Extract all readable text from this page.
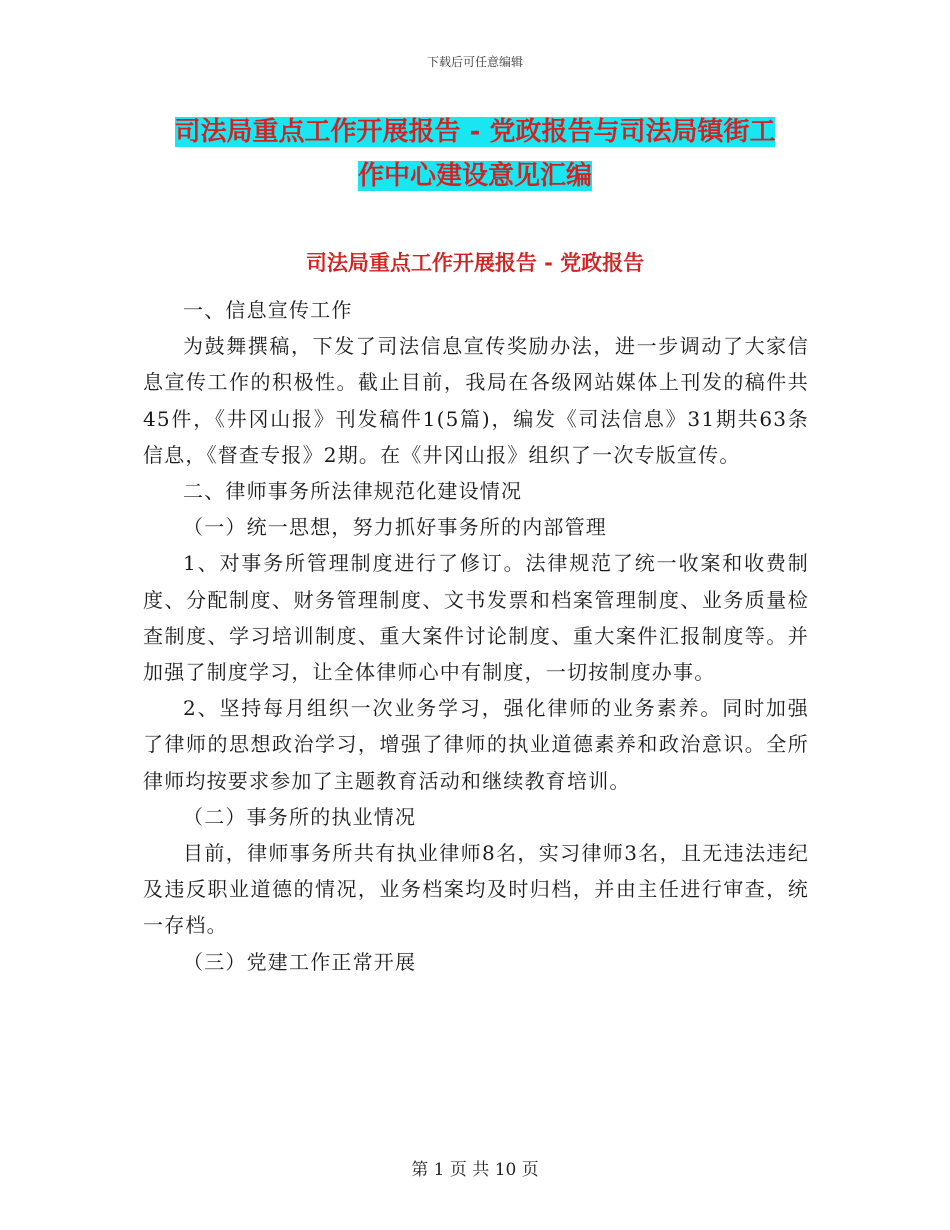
下载后可任意编辑
司法局重点工作开展报告 - 党政报告与司法局镇街工
作中心建设意见汇编
司法局重点工作开展报告 - 党政报告

一、信息宣传工作

为鼓舞撰稿，下发了司法信息宣传奖励办法，进一步调动了大家信息宣传工作的积极性。截止目前，我局在各级网站媒体上刊发的稿件共45件，《井冈山报》刊发稿件1(5篇)，编发《司法信息》31期共63条信息，《督查专报》2期。在《井冈山报》组织了一次专版宣传。

二、律师事务所法律规范化建设情况

（一）统一思想，努力抓好事务所的内部管理

1、对事务所管理制度进行了修订。法律规范了统一收案和收费制度、分配制度、财务管理制度、文书发票和档案管理制度、业务质量检查制度、学习培训制度、重大案件讨论制度、重大案件汇报制度等。并加强了制度学习，让全体律师心中有制度，一切按制度办事。

2、坚持每月组织一次业务学习，强化律师的业务素养。同时加强了律师的思想政治学习，增强了律师的执业道德素养和政治意识。全所律师均按要求参加了主题教育活动和继续教育培训。

（二）事务所的执业情况

目前，律师事务所共有执业律师8名，实习律师3名，且无违法违纪及违反职业道德的情况，业务档案均及时归档，并由主任进行审查，统一存档。

（三）党建工作正常开展

第 1 页 共 10 页
